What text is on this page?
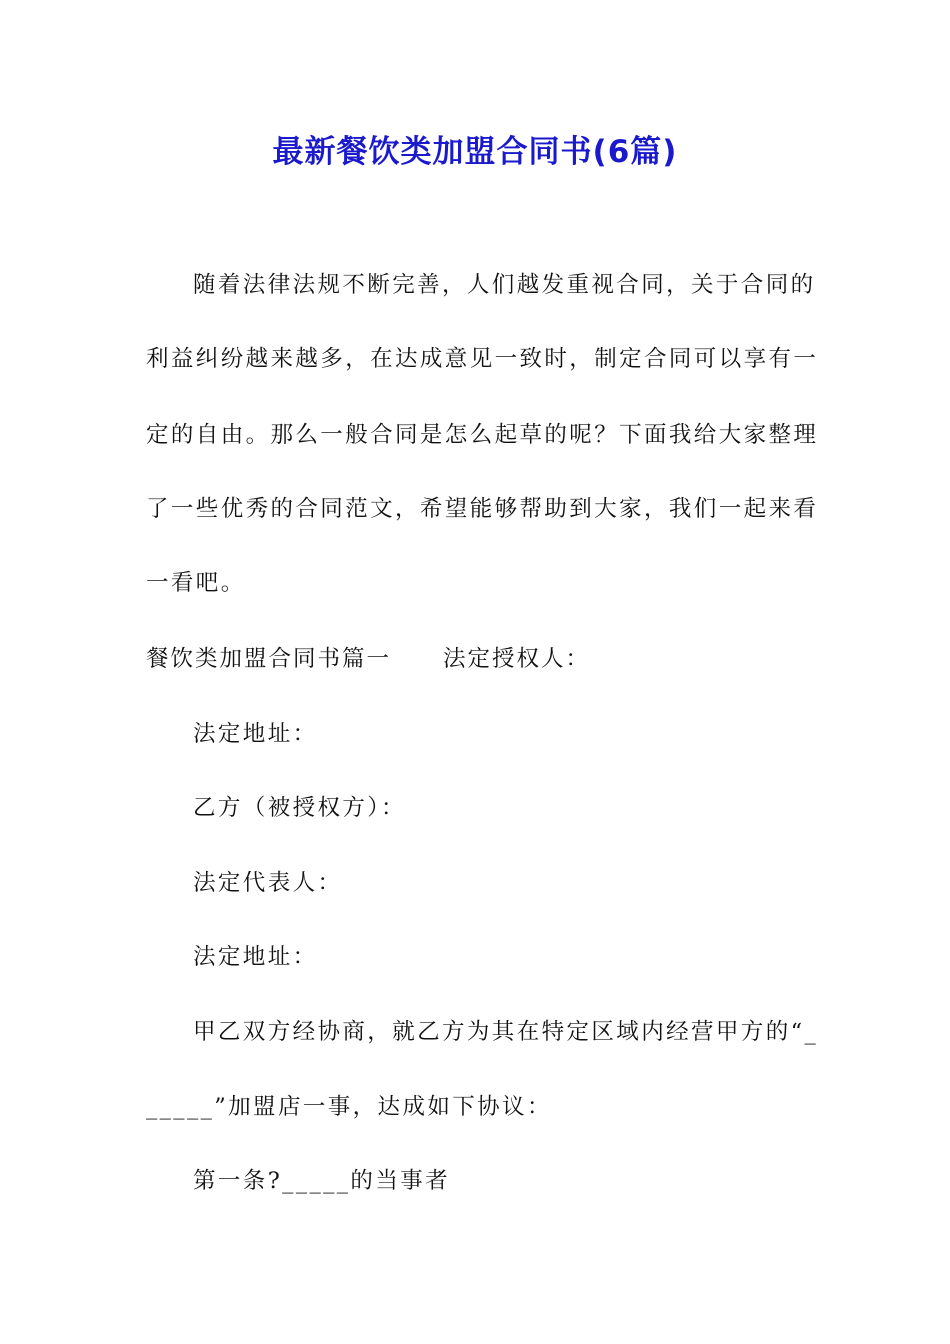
最新餐饮类加盟合同书(6篇)
随着法律法规不断完善，人们越发重视合同，关于合同的
利益纠纷越来越多，在达成意见一致时，制定合同可以享有一
定的自由。那么一般合同是怎么起草的呢？下面我给大家整理
了一些优秀的合同范文，希望能够帮助到大家，我们一起来看
一看吧。
餐饮类加盟合同书篇一 法定授权人：
法定地址：
乙方（被授权方）：
法定代表人：
法定地址：
甲乙双方经协商，就乙方为其在特定区域内经营甲方的“_
_____”加盟店一事，达成如下协议：
第一条?_____的当事者
